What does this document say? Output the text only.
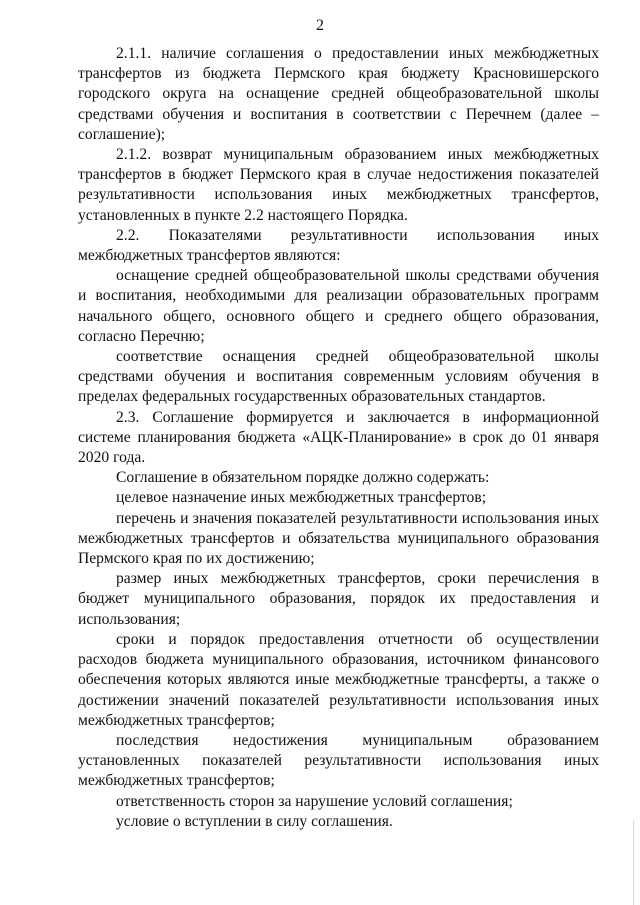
2

2.1.1. наличие соглашения о предоставлении иных межбюджетных трансфертов из бюджета Пермского края бюджету Красновишерского городского округа на оснащение средней общеобразовательной школы средствами обучения и воспитания в соответствии с Перечнем (далее – соглашение);

2.1.2. возврат муниципальным образованием иных межбюджетных трансфертов в бюджет Пермского края в случае недостижения показателей результативности использования иных межбюджетных трансфертов, установленных в пункте 2.2 настоящего Порядка.

2.2. Показателями результативности использования иных межбюджетных трансфертов являются:

оснащение средней общеобразовательной школы средствами обучения и воспитания, необходимыми для реализации образовательных программ начального общего, основного общего и среднего общего образования, согласно Перечню;

соответствие оснащения средней общеобразовательной школы средствами обучения и воспитания современным условиям обучения в пределах федеральных государственных образовательных стандартов.

2.3. Соглашение формируется и заключается в информационной системе планирования бюджета «АЦК-Планирование» в срок до 01 января 2020 года.

Соглашение в обязательном порядке должно содержать:

целевое назначение иных межбюджетных трансфертов;

перечень и значения показателей результативности использования иных межбюджетных трансфертов и обязательства муниципального образования Пермского края по их достижению;

размер иных межбюджетных трансфертов, сроки перечисления в бюджет муниципального образования, порядок их предоставления и использования;

сроки и порядок предоставления отчетности об осуществлении расходов бюджета муниципального образования, источником финансового обеспечения которых являются иные межбюджетные трансферты, а также о достижении значений показателей результативности использования иных межбюджетных трансфертов;

последствия недостижения муниципальным образованием установленных показателей результативности использования иных межбюджетных трансфертов;

ответственность сторон за нарушение условий соглашения;

условие о вступлении в силу соглашения.
